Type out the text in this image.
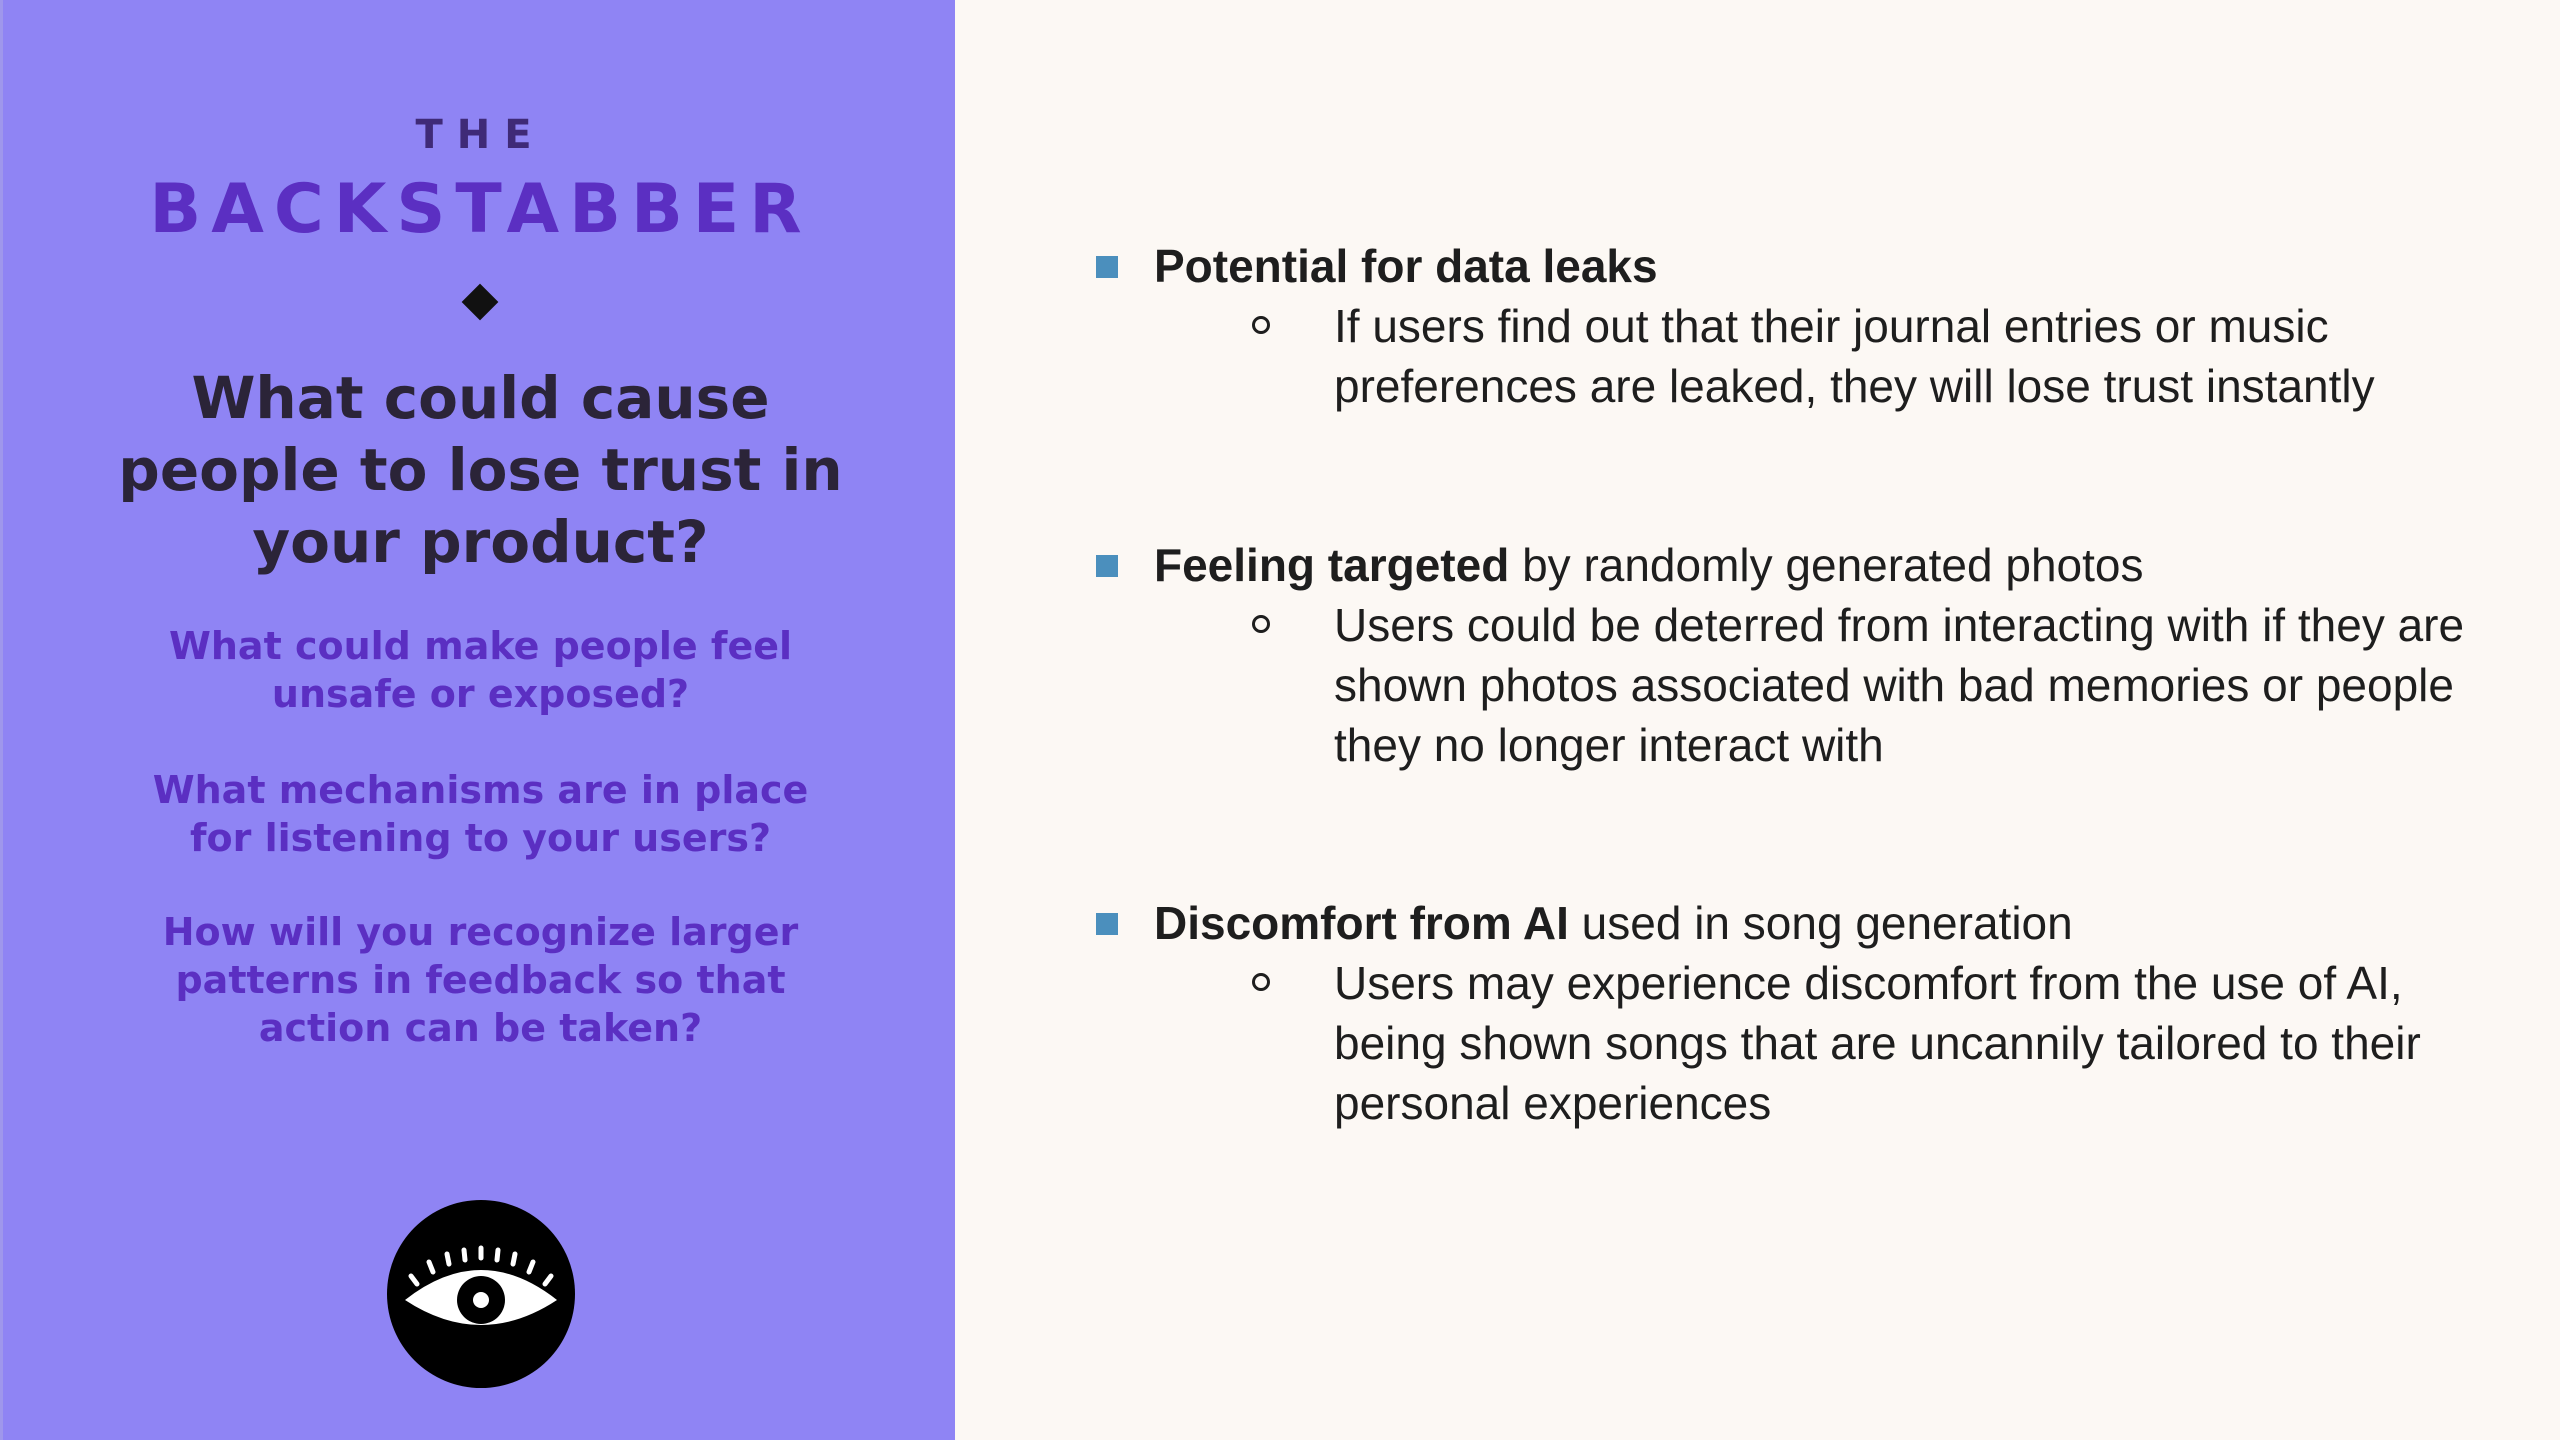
THE
BACKSTABBER
What could cause people to lose trust in your product?
What could make people feel unsafe or exposed?
What mechanisms are in place for listening to your users?
How will you recognize larger patterns in feedback so that action can be taken?
Potential for data leaks
If users find out that their journal entries or music preferences are leaked, they will lose trust instantly
Feeling targeted by randomly generated photos
Users could be deterred from interacting with if they are shown photos associated with bad memories or people they no longer interact with
Discomfort from AI used in song generation
Users may experience discomfort from the use of AI, being shown songs that are uncannily tailored to their personal experiences
